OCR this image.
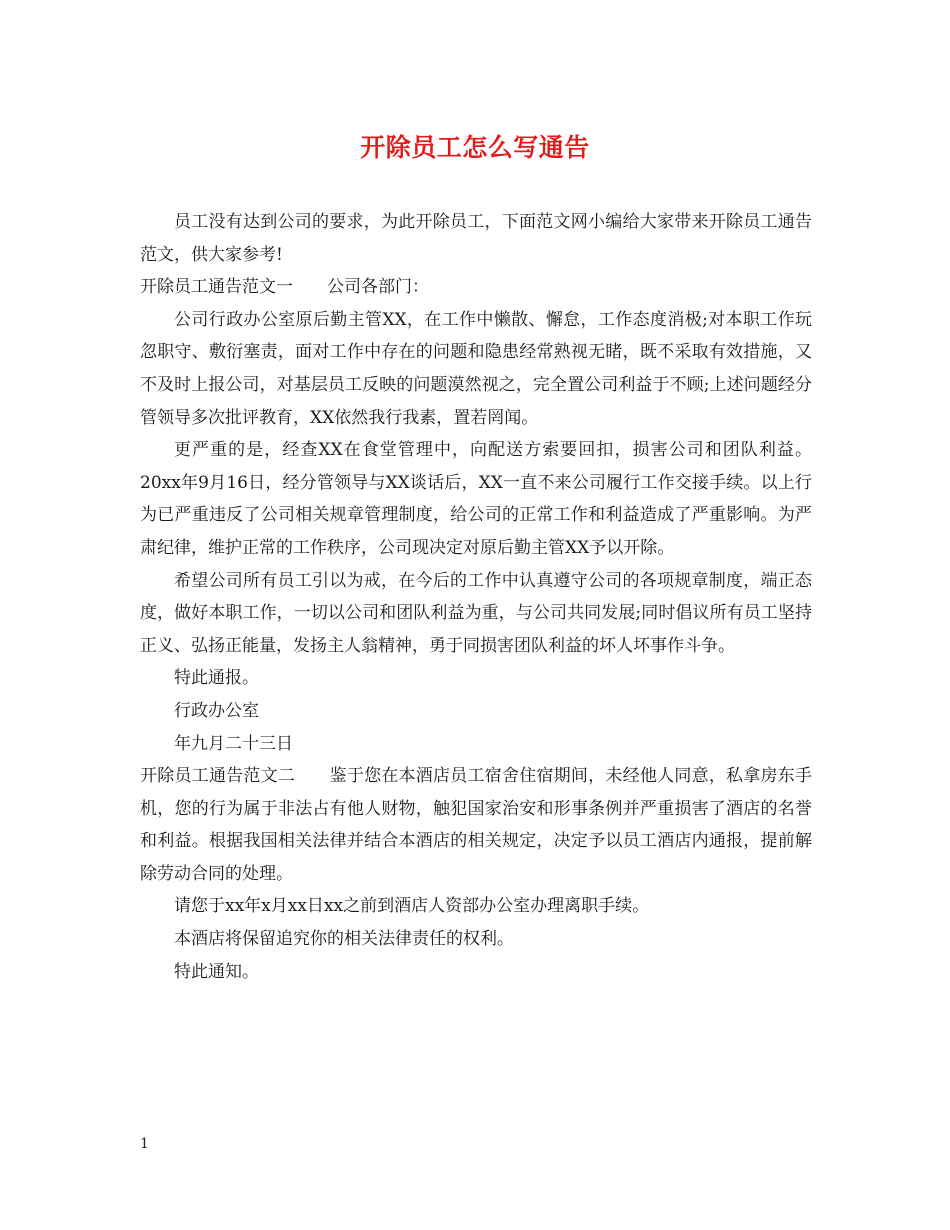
开除员工怎么写通告

员工没有达到公司的要求，为此开除员工，下面范文网小编给大家带来开除员工通告范文，供大家参考!

开除员工通告范文一　　公司各部门：

公司行政办公室原后勤主管XX，在工作中懒散、懈怠，工作态度消极;对本职工作玩忽职守、敷衍塞责，面对工作中存在的问题和隐患经常熟视无睹，既不采取有效措施，又不及时上报公司，对基层员工反映的问题漠然视之，完全置公司利益于不顾;上述问题经分管领导多次批评教育，XX依然我行我素，置若罔闻。

更严重的是，经查XX在食堂管理中，向配送方索要回扣，损害公司和团队利益。 20xx年9月16日，经分管领导与XX谈话后，XX一直不来公司履行工作交接手续。以上行为已严重违反了公司相关规章管理制度，给公司的正常工作和利益造成了严重影响。为严肃纪律，维护正常的工作秩序，公司现决定对原后勤主管XX予以开除。

希望公司所有员工引以为戒，在今后的工作中认真遵守公司的各项规章制度，端正态度，做好本职工作，一切以公司和团队利益为重，与公司共同发展;同时倡议所有员工坚持正义、弘扬正能量，发扬主人翁精神，勇于同损害团队利益的坏人坏事作斗争。

特此通报。

行政办公室

年九月二十三日

开除员工通告范文二　　鉴于您在本酒店员工宿舍住宿期间，未经他人同意，私拿房东手机，您的行为属于非法占有他人财物，触犯国家治安和形事条例并严重损害了酒店的名誉和利益。根据我国相关法律并结合本酒店的相关规定，决定予以员工酒店内通报，提前解除劳动合同的处理。

请您于xx年x月xx日xx之前到酒店人资部办公室办理离职手续。

本酒店将保留追究你的相关法律责任的权利。

特此通知。

1
